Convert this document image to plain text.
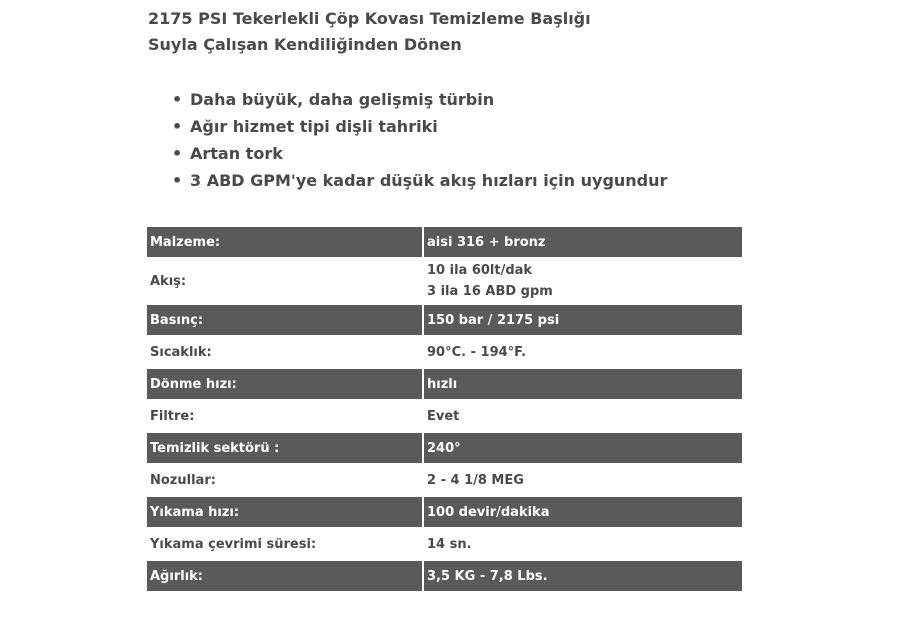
2175 PSI Tekerlekli Çöp Kovası Temizleme Başlığı
Suyla Çalışan Kendiliğinden Dönen
• Daha büyük, daha gelişmiş türbin
• Ağır hizmet tipi dişli tahriki
• Artan tork
• 3 ABD GPM'ye kadar düşük akış hızları için uygundur
Malzeme:	aisi 316 + bronz
Akış:	10 ila 60lt/dak
3 ila 16 ABD gpm

Basınç:	150 bar / 2175 psi
Sıcaklık:	90°C. - 194°F.
Dönme hızı:	hızlı
Filtre:	Evet
Temizlik sektörü :	240°
Nozullar:	2 - 4 1/8 MEG
Yıkama hızı:	100 devir/dakika
Yıkama çevrimi süresi:	14 sn.
Ağırlık:	3,5 KG - 7,8 Lbs.
